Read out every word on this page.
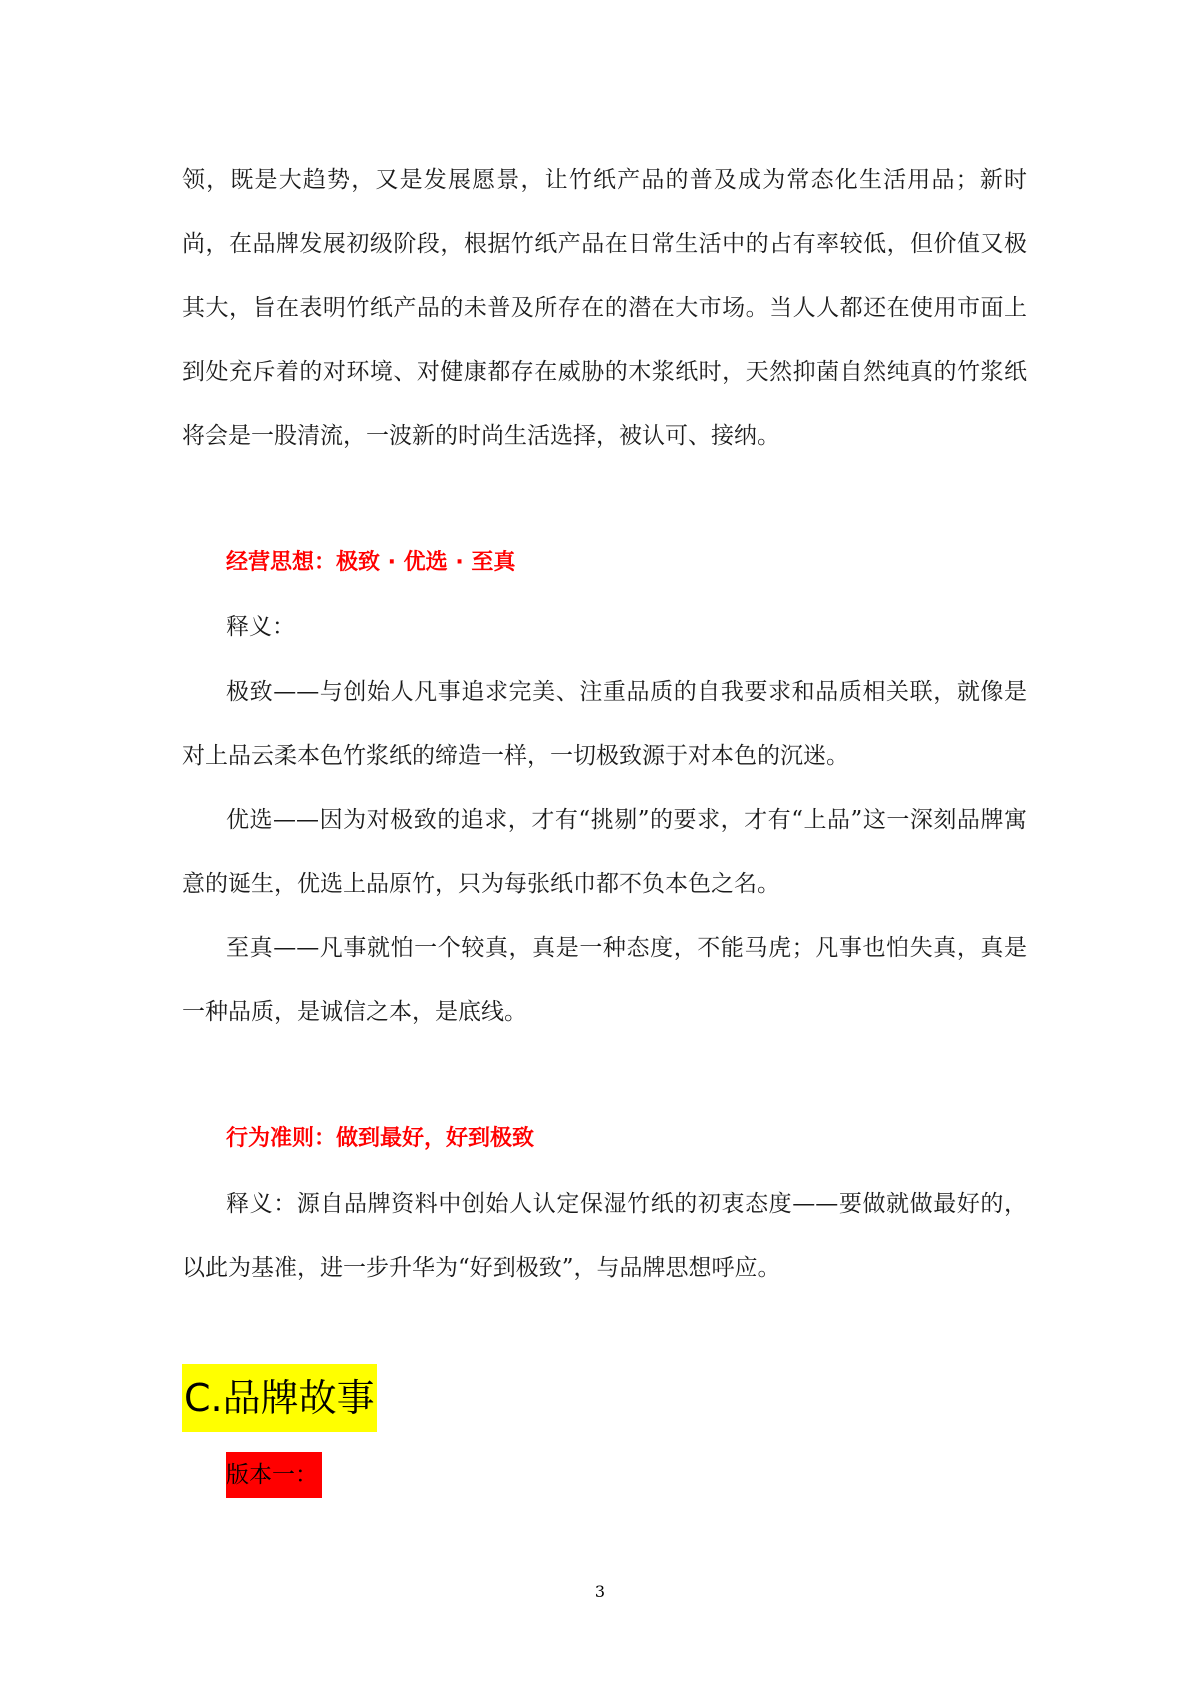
领，既是大趋势，又是发展愿景，让竹纸产品的普及成为常态化生活用品；新时尚，在品牌发展初级阶段，根据竹纸产品在日常生活中的占有率较低，但价值又极其大，旨在表明竹纸产品的未普及所存在的潜在大市场。当人人都还在使用市面上到处充斥着的对环境、对健康都存在威胁的木浆纸时，天然抑菌自然纯真的竹浆纸将会是一股清流，一波新的时尚生活选择，被认可、接纳。

经营思想：极致 · 优选 · 至真

释义：

极致——与创始人凡事追求完美、注重品质的自我要求和品质相关联，就像是对上品云柔本色竹浆纸的缔造一样，一切极致源于对本色的沉迷。

优选——因为对极致的追求，才有“挑剔”的要求，才有“上品”这一深刻品牌寓意的诞生，优选上品原竹，只为每张纸巾都不负本色之名。

至真——凡事就怕一个较真，真是一种态度，不能马虎；凡事也怕失真，真是一种品质，是诚信之本，是底线。

行为准则：做到最好，好到极致

释义：源自品牌资料中创始人认定保湿竹纸的初衷态度——要做就做最好的，以此为基准，进一步升华为“好到极致”，与品牌思想呼应。

C.品牌故事
版本一：
3
